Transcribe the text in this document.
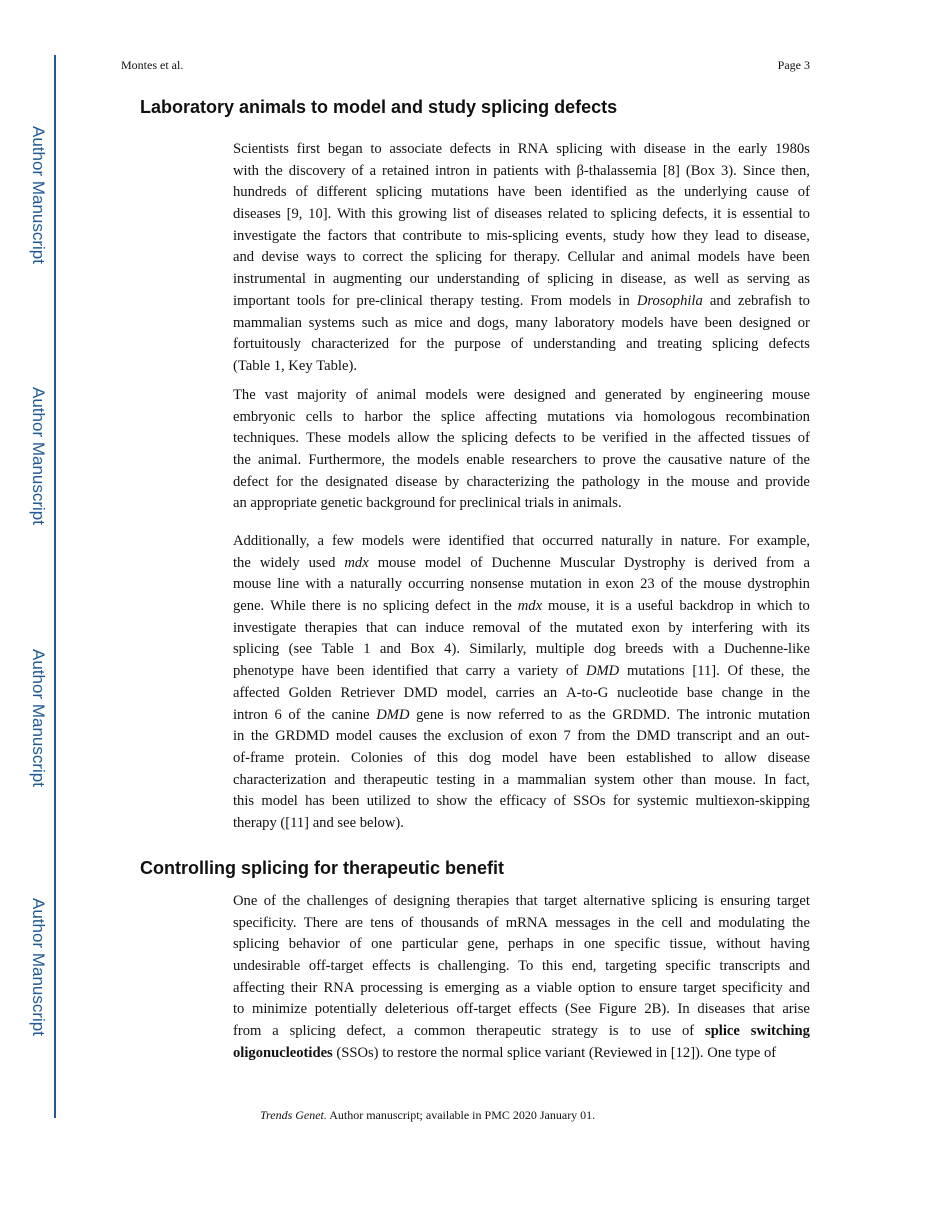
Montes et al.	Page 3
Author Manuscript
Author Manuscript
Author Manuscript
Author Manuscript
Laboratory animals to model and study splicing defects
Scientists first began to associate defects in RNA splicing with disease in the early 1980s
with the discovery of a retained intron in patients with β-thalassemia [8] (Box 3). Since then,
hundreds of different splicing mutations have been identified as the underlying cause of
diseases [9, 10]. With this growing list of diseases related to splicing defects, it is essential to
investigate the factors that contribute to mis-splicing events, study how they lead to disease,
and devise ways to correct the splicing for therapy. Cellular and animal models have been
instrumental in augmenting our understanding of splicing in disease, as well as serving as
important tools for pre-clinical therapy testing. From models in Drosophila and zebrafish to
mammalian systems such as mice and dogs, many laboratory models have been designed or
fortuitously characterized for the purpose of understanding and treating splicing defects
(Table 1, Key Table).
The vast majority of animal models were designed and generated by engineering mouse
embryonic cells to harbor the splice affecting mutations via homologous recombination
techniques. These models allow the splicing defects to be verified in the affected tissues of
the animal. Furthermore, the models enable researchers to prove the causative nature of the
defect for the designated disease by characterizing the pathology in the mouse and provide
an appropriate genetic background for preclinical trials in animals.
Additionally, a few models were identified that occurred naturally in nature. For example,
the widely used mdx mouse model of Duchenne Muscular Dystrophy is derived from a
mouse line with a naturally occurring nonsense mutation in exon 23 of the mouse dystrophin
gene. While there is no splicing defect in the mdx mouse, it is a useful backdrop in which to
investigate therapies that can induce removal of the mutated exon by interfering with its
splicing (see Table 1 and Box 4). Similarly, multiple dog breeds with a Duchenne-like
phenotype have been identified that carry a variety of DMD mutations [11]. Of these, the
affected Golden Retriever DMD model, carries an A-to-G nucleotide base change in the
intron 6 of the canine DMD gene is now referred to as the GRDMD. The intronic mutation
in the GRDMD model causes the exclusion of exon 7 from the DMD transcript and an out-
of-frame protein. Colonies of this dog model have been established to allow disease
characterization and therapeutic testing in a mammalian system other than mouse. In fact,
this model has been utilized to show the efficacy of SSOs for systemic multiexon-skipping
therapy ([11] and see below).
Controlling splicing for therapeutic benefit
One of the challenges of designing therapies that target alternative splicing is ensuring target
specificity. There are tens of thousands of mRNA messages in the cell and modulating the
splicing behavior of one particular gene, perhaps in one specific tissue, without having
undesirable off-target effects is challenging. To this end, targeting specific transcripts and
affecting their RNA processing is emerging as a viable option to ensure target specificity and
to minimize potentially deleterious off-target effects (See Figure 2B). In diseases that arise
from a splicing defect, a common therapeutic strategy is to use of splice switching
oligonucleotides (SSOs) to restore the normal splice variant (Reviewed in [12]). One type of
Trends Genet. Author manuscript; available in PMC 2020 January 01.
